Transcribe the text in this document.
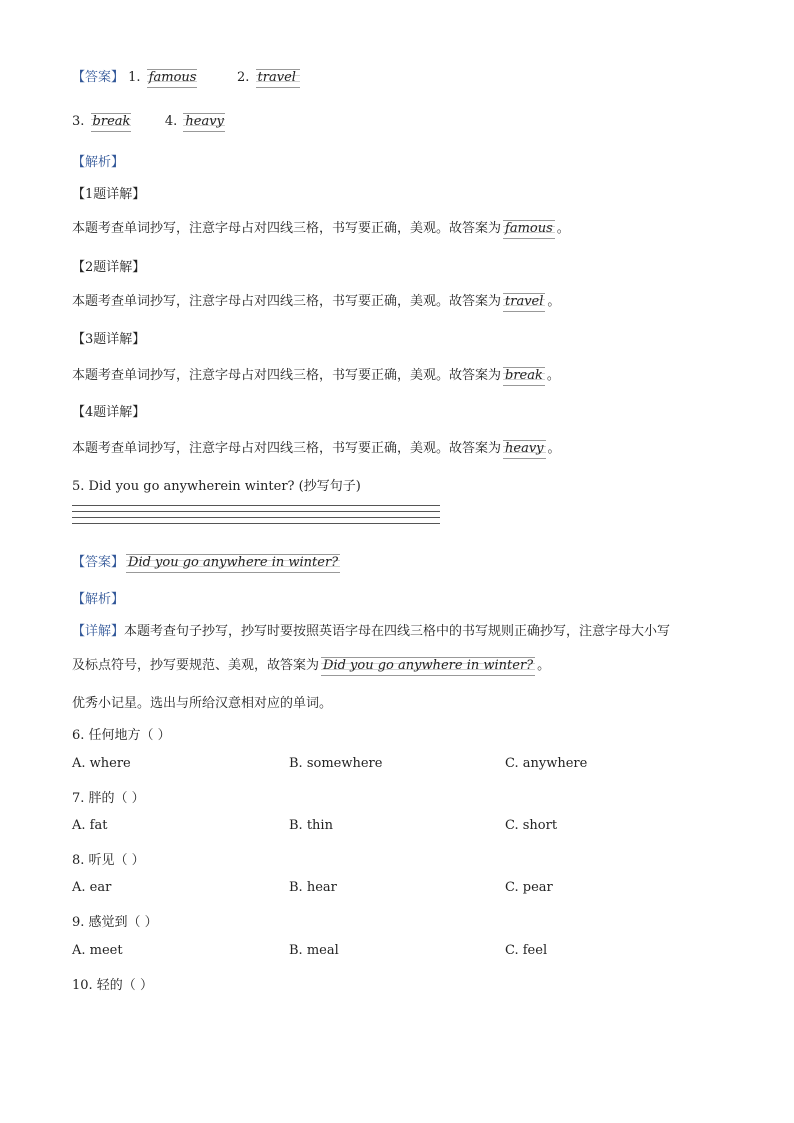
【答案】 1. famous	2. travel
3. break	4. heavy
【解析】
【1题详解】
本题考查单词抄写，注意字母占对四线三格，书写要正确，美观。故答案为 famous 。
【2题详解】
本题考查单词抄写，注意字母占对四线三格，书写要正确，美观。故答案为 travel 。
【3题详解】
本题考查单词抄写，注意字母占对四线三格，书写要正确，美观。故答案为 break 。
【4题详解】
本题考查单词抄写，注意字母占对四线三格，书写要正确，美观。故答案为 heavy 。
5. Did you go anywherein winter? (抄写句子)
【答案】 Did you go anywhere in winter?
【解析】
【详解】本题考查句子抄写，抄写时要按照英语字母在四线三格中的书写规则正确抄写，注意字母大小写
及标点符号，抄写要规范、美观，故答案为 Did you go anywhere in winter? 。
优秀小记星。选出与所给汉意相对应的单词。
6. 任何地方（ ）
A. where	B. somewhere	C. anywhere
7. 胖的（ ）
A. fat	B. thin	C. short
8. 听见（ ）
A. ear	B. hear	C. pear
9. 感觉到（ ）
A. meet	B. meal	C. feel
10. 轻的（ ）
